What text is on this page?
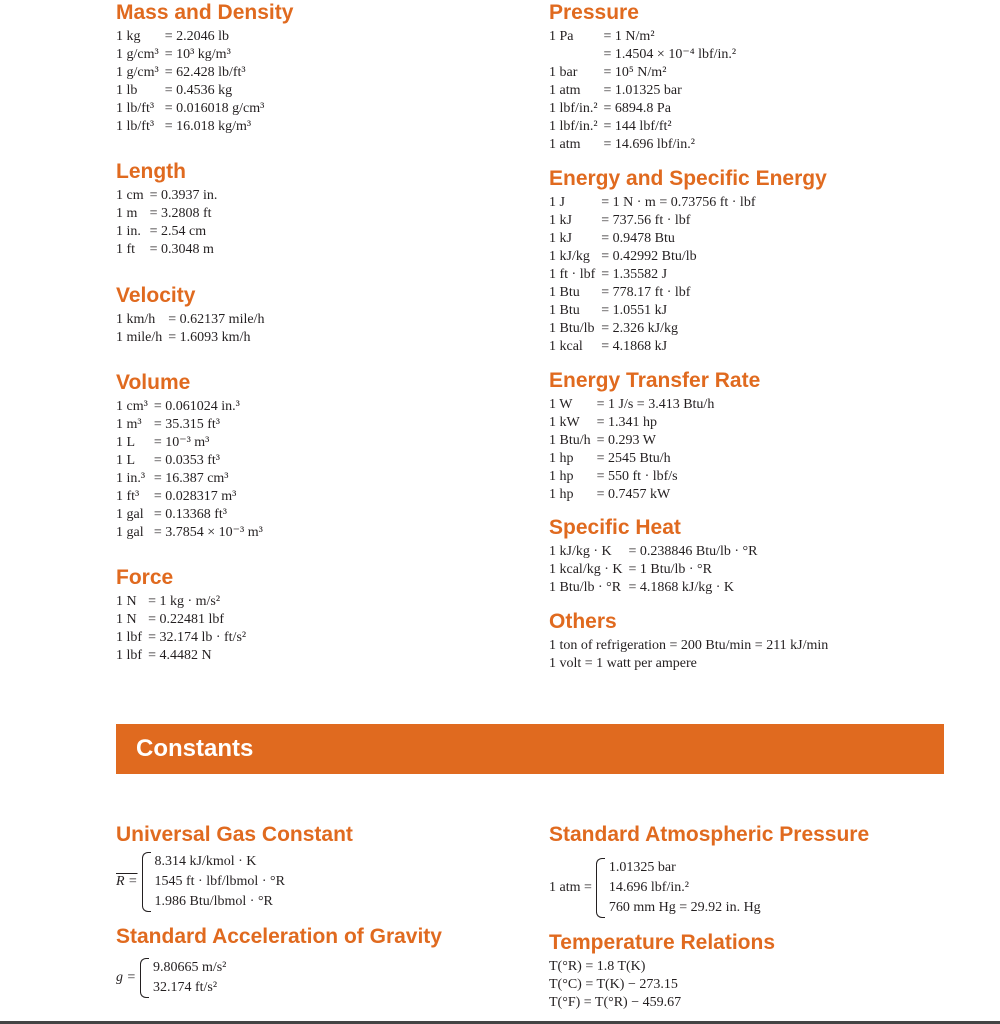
Mass and Density
1 kg	= 2.2046 lb
1 g/cm³	= 10³ kg/m³
1 g/cm³	= 62.428 lb/ft³
1 lb	= 0.4536 kg
1 lb/ft³	= 0.016018 g/cm³
1 lb/ft³	= 16.018 kg/m³
Length
1 cm	= 0.3937 in.
1 m	= 3.2808 ft
1 in.	= 2.54 cm
1 ft	= 0.3048 m
Velocity
1 km/h	= 0.62137 mile/h
1 mile/h	= 1.6093 km/h
Volume
1 cm³	= 0.061024 in.³
1 m³	= 35.315 ft³
1 L	= 10⁻³ m³
1 L	= 0.0353 ft³
1 in.³	= 16.387 cm³
1 ft³	= 0.028317 m³
1 gal	= 0.13368 ft³
1 gal	= 3.7854 × 10⁻³ m³
Force
1 N	= 1 kg · m/s²
1 N	= 0.22481 lbf
1 lbf	= 32.174 lb · ft/s²
1 lbf	= 4.4482 N
Pressure
1 Pa	= 1 N/m²
	= 1.4504 × 10⁻⁴ lbf/in.²
1 bar	= 10⁵ N/m²
1 atm	= 1.01325 bar
1 lbf/in.²	= 6894.8 Pa
1 lbf/in.²	= 144 lbf/ft²
1 atm	= 14.696 lbf/in.²
Energy and Specific Energy
1 J	= 1 N · m = 0.73756 ft · lbf
1 kJ	= 737.56 ft · lbf
1 kJ	= 0.9478 Btu
1 kJ/kg	= 0.42992 Btu/lb
1 ft · lbf	= 1.35582 J
1 Btu	= 778.17 ft · lbf
1 Btu	= 1.0551 kJ
1 Btu/lb	= 2.326 kJ/kg
1 kcal	= 4.1868 kJ
Energy Transfer Rate
1 W	= 1 J/s = 3.413 Btu/h
1 kW	= 1.341 hp
1 Btu/h	= 0.293 W
1 hp	= 2545 Btu/h
1 hp	= 550 ft · lbf/s
1 hp	= 0.7457 kW
Specific Heat
1 kJ/kg · K	= 0.238846 Btu/lb · °R
1 kcal/kg · K	= 1 Btu/lb · °R
1 Btu/lb · °R	= 4.1868 kJ/kg · K
Others
1 ton of refrigeration = 200 Btu/min = 211 kJ/min
1 volt = 1 watt per ampere
Constants
Universal Gas Constant
R =
8.314 kJ/kmol · K
1545 ft · lbf/lbmol · °R
1.986 Btu/lbmol · °R
Standard Acceleration of Gravity
g =
9.80665 m/s²
32.174 ft/s²
Standard Atmospheric Pressure
1 atm =
1.01325 bar
14.696 lbf/in.²
760 mm Hg = 29.92 in. Hg
Temperature Relations
T(°R) = 1.8 T(K)
T(°C) = T(K) − 273.15
T(°F) = T(°R) − 459.67
